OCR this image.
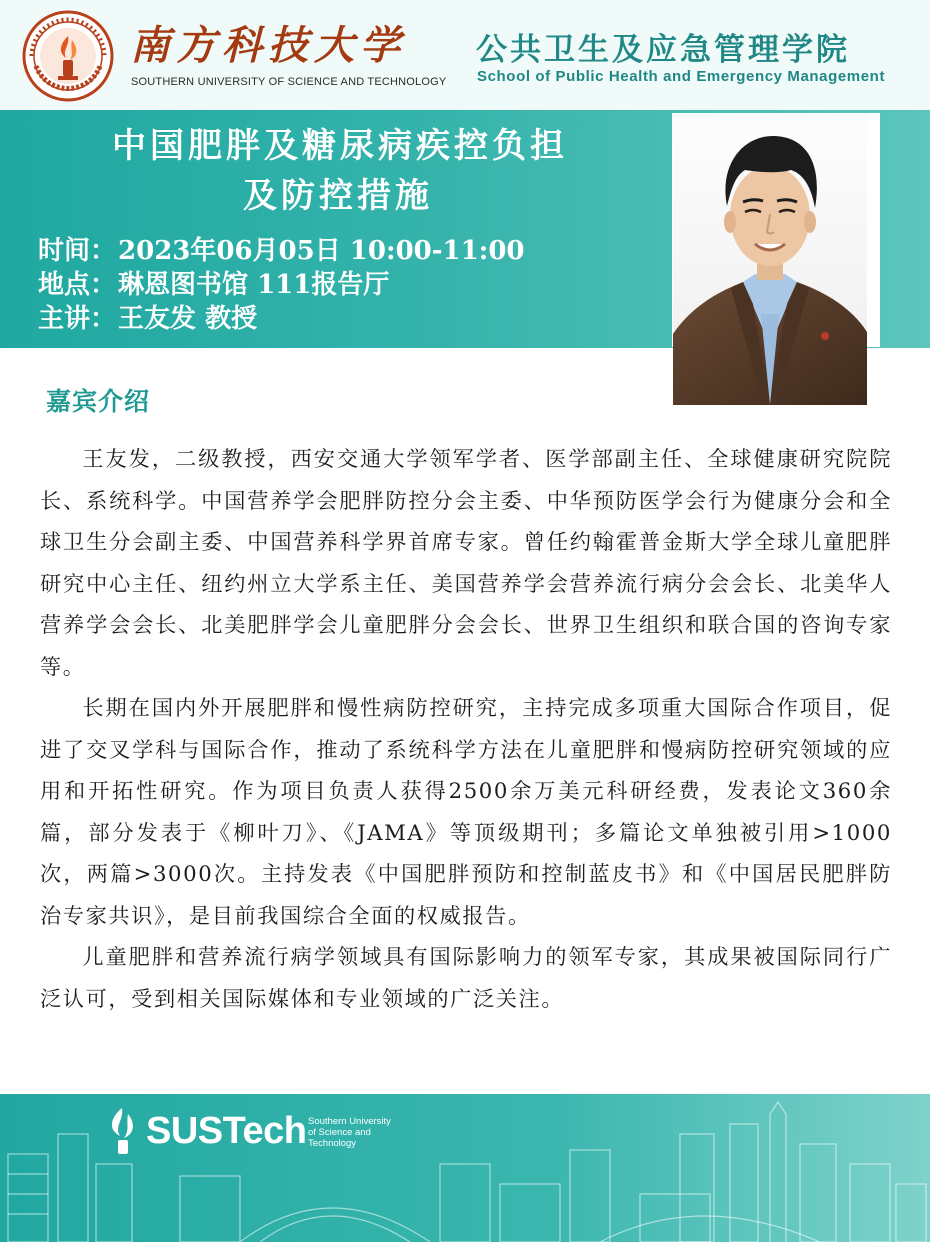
南方科技大学
SOUTHERN UNIVERSITY OF SCIENCE AND TECHNOLOGY
公共卫生及应急管理学院
School of Public Health and Emergency Management
中国肥胖及糖尿病疾控负担
及防控措施
时间：2023年06月05日 10:00-11:00
地点：琳恩图书馆 111报告厅
主讲：王友发 教授
嘉宾介绍

王友发，二级教授，西安交通大学领军学者、医学部副主任、全球健康研究院院长、系统科学。中国营养学会肥胖防控分会主委、中华预防医学会行为健康分会和全球卫生分会副主委、中国营养科学界首席专家。曾任约翰霍普金斯大学全球儿童肥胖研究中心主任、纽约州立大学系主任、美国营养学会营养流行病分会会长、北美华人营养学会会长、北美肥胖学会儿童肥胖分会会长、世界卫生组织和联合国的咨询专家等。

长期在国内外开展肥胖和慢性病防控研究，主持完成多项重大国际合作项目，促进了交叉学科与国际合作，推动了系统科学方法在儿童肥胖和慢病防控研究领域的应用和开拓性研究。作为项目负责人获得2500余万美元科研经费，发表论文360余篇，部分发表于《柳叶刀》、《JAMA》等顶级期刊；多篇论文单独被引用>1000次，两篇>3000次。主持发表《中国肥胖预防和控制蓝皮书》和《中国居民肥胖防治专家共识》，是目前我国综合全面的权威报告。

儿童肥胖和营养流行病学领域具有国际影响力的领军专家，其成果被国际同行广泛认可，受到相关国际媒体和专业领域的广泛关注。

SUSTech Southern University
of Science and
Technology
